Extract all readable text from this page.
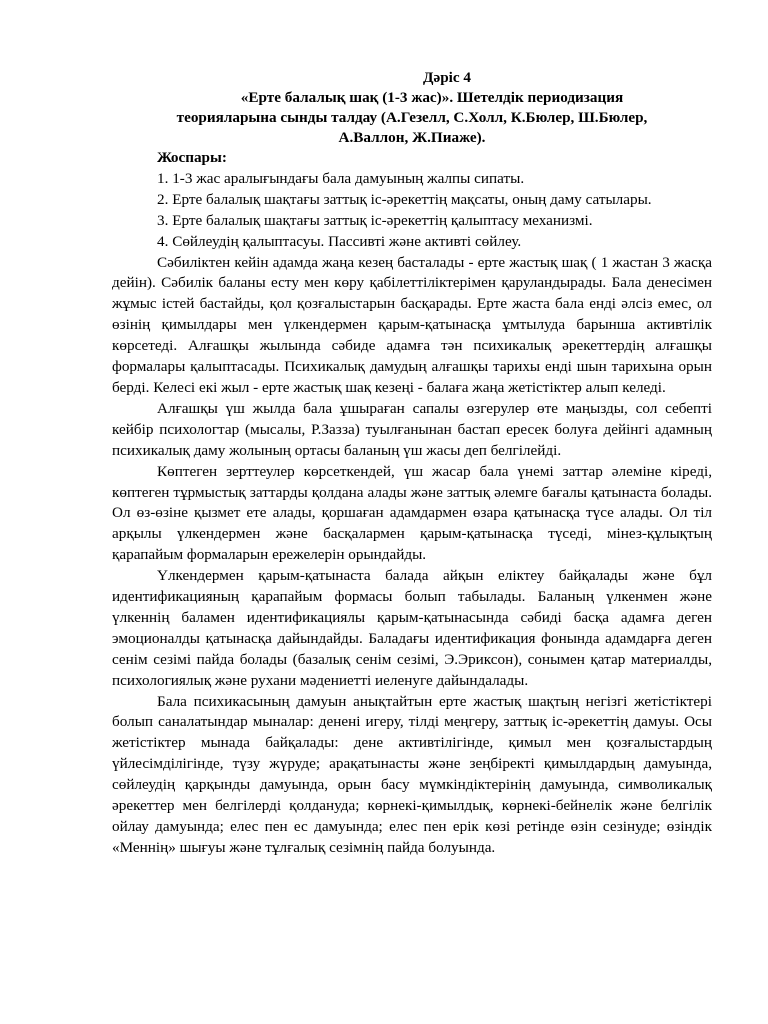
Дәріс 4

«Ерте балалық шақ (1-3 жас)». Шетелдік периодизация

теорияларына сынды талдау (А.Гезелл, С.Холл, К.Бюлер, Ш.Бюлер,

А.Валлон, Ж.Пиаже).

Жоспары:

1. 1-3 жас аралығындағы бала дамуының жалпы сипаты.

2. Ерте балалық шақтағы заттық іс-әрекеттің мақсаты, оның даму сатылары.

3. Ерте балалық шақтағы заттық іс-әрекеттің қалыптасу механизмі.

4. Сөйлеудің қалыптасуы. Пассивті және активті сөйлеу.

Сәбиліктен кейін адамда жаңа кезең басталады - ерте жастық шақ ( 1 жастан 3 жасқа дейін). Сәбилік баланы есту мен көру қабілеттіліктерімен қаруландырады. Бала денесімен жұмыс істей бастайды, қол қозғалыстарын басқарады. Ерте жаста бала енді әлсіз емес, ол өзінің қимылдары мен үлкендермен қарым-қатынасқа ұмтылуда барынша активтілік көрсетеді. Алғашқы жылында сәбиде адамға тән психикалық әрекеттердің алғашқы формалары қалыптасады. Психикалық дамудың алғашқы тарихы енді шын тарихына орын берді. Келесі екі жыл - ерте жастық шақ кезеңі - балаға жаңа жетістіктер алып келеді.

Алғашқы үш жылда бала ұшыраған сапалы өзгерулер өте маңызды, сол себепті кейбір психологтар (мысалы, Р.Зазза) туылғанынан бастап ересек болуға дейінгі адамның психикалық даму жолының ортасы баланың үш жасы деп белгілейді.

Көптеген зерттеулер көрсеткендей, үш жасар бала үнемі заттар әлеміне кіреді, көптеген тұрмыстық заттарды қолдана алады және заттық әлемге бағалы қатынаста болады. Ол өз-өзіне қызмет ете алады, қоршаған адамдармен өзара қатынасқа түсе алады. Ол тіл арқылы үлкендермен және басқалармен қарым-қатынасқа түседі, мінез-құлықтың қарапайым формаларын ережелерін орындайды.

Үлкендермен қарым-қатынаста балада айқын еліктеу байқалады және бұл идентификацияның қарапайым формасы болып табылады. Баланың үлкенмен және үлкеннің баламен идентификациялы қарым-қатынасында сәбиді басқа адамға деген эмоционалды қатынасқа дайындайды. Баладағы идентификация фонында адамдарға деген сенім сезімі пайда болады (базалық сенім сезімі, Э.Эриксон), сонымен қатар материалды, психологиялық және рухани мәдениетті иеленуге дайындалады.

Бала психикасының дамуын анықтайтын ерте жастық шақтың негізгі жетістіктері болып саналатындар мыналар: денені игеру, тілді меңгеру, заттық іс-әрекеттің дамуы. Осы жетістіктер мынада байқалады: дене активтілігінде, қимыл мен қозғалыстардың үйлесімділігінде, түзу жүруде; арақатынасты және зеңбіректі қимылдардың дамуында, сөйлеудің қарқынды дамуында, орын басу мүмкіндіктерінің дамуында, символикалық әрекеттер мен белгілерді қолдануда; көрнекі-қимылдық, көрнекі-бейнелік және белгілік ойлау дамуында; елес пен ес дамуында; елес пен ерік көзі ретінде өзін сезінуде; өзіндік «Меннің» шығуы және тұлғалық сезімнің пайда болуында.
